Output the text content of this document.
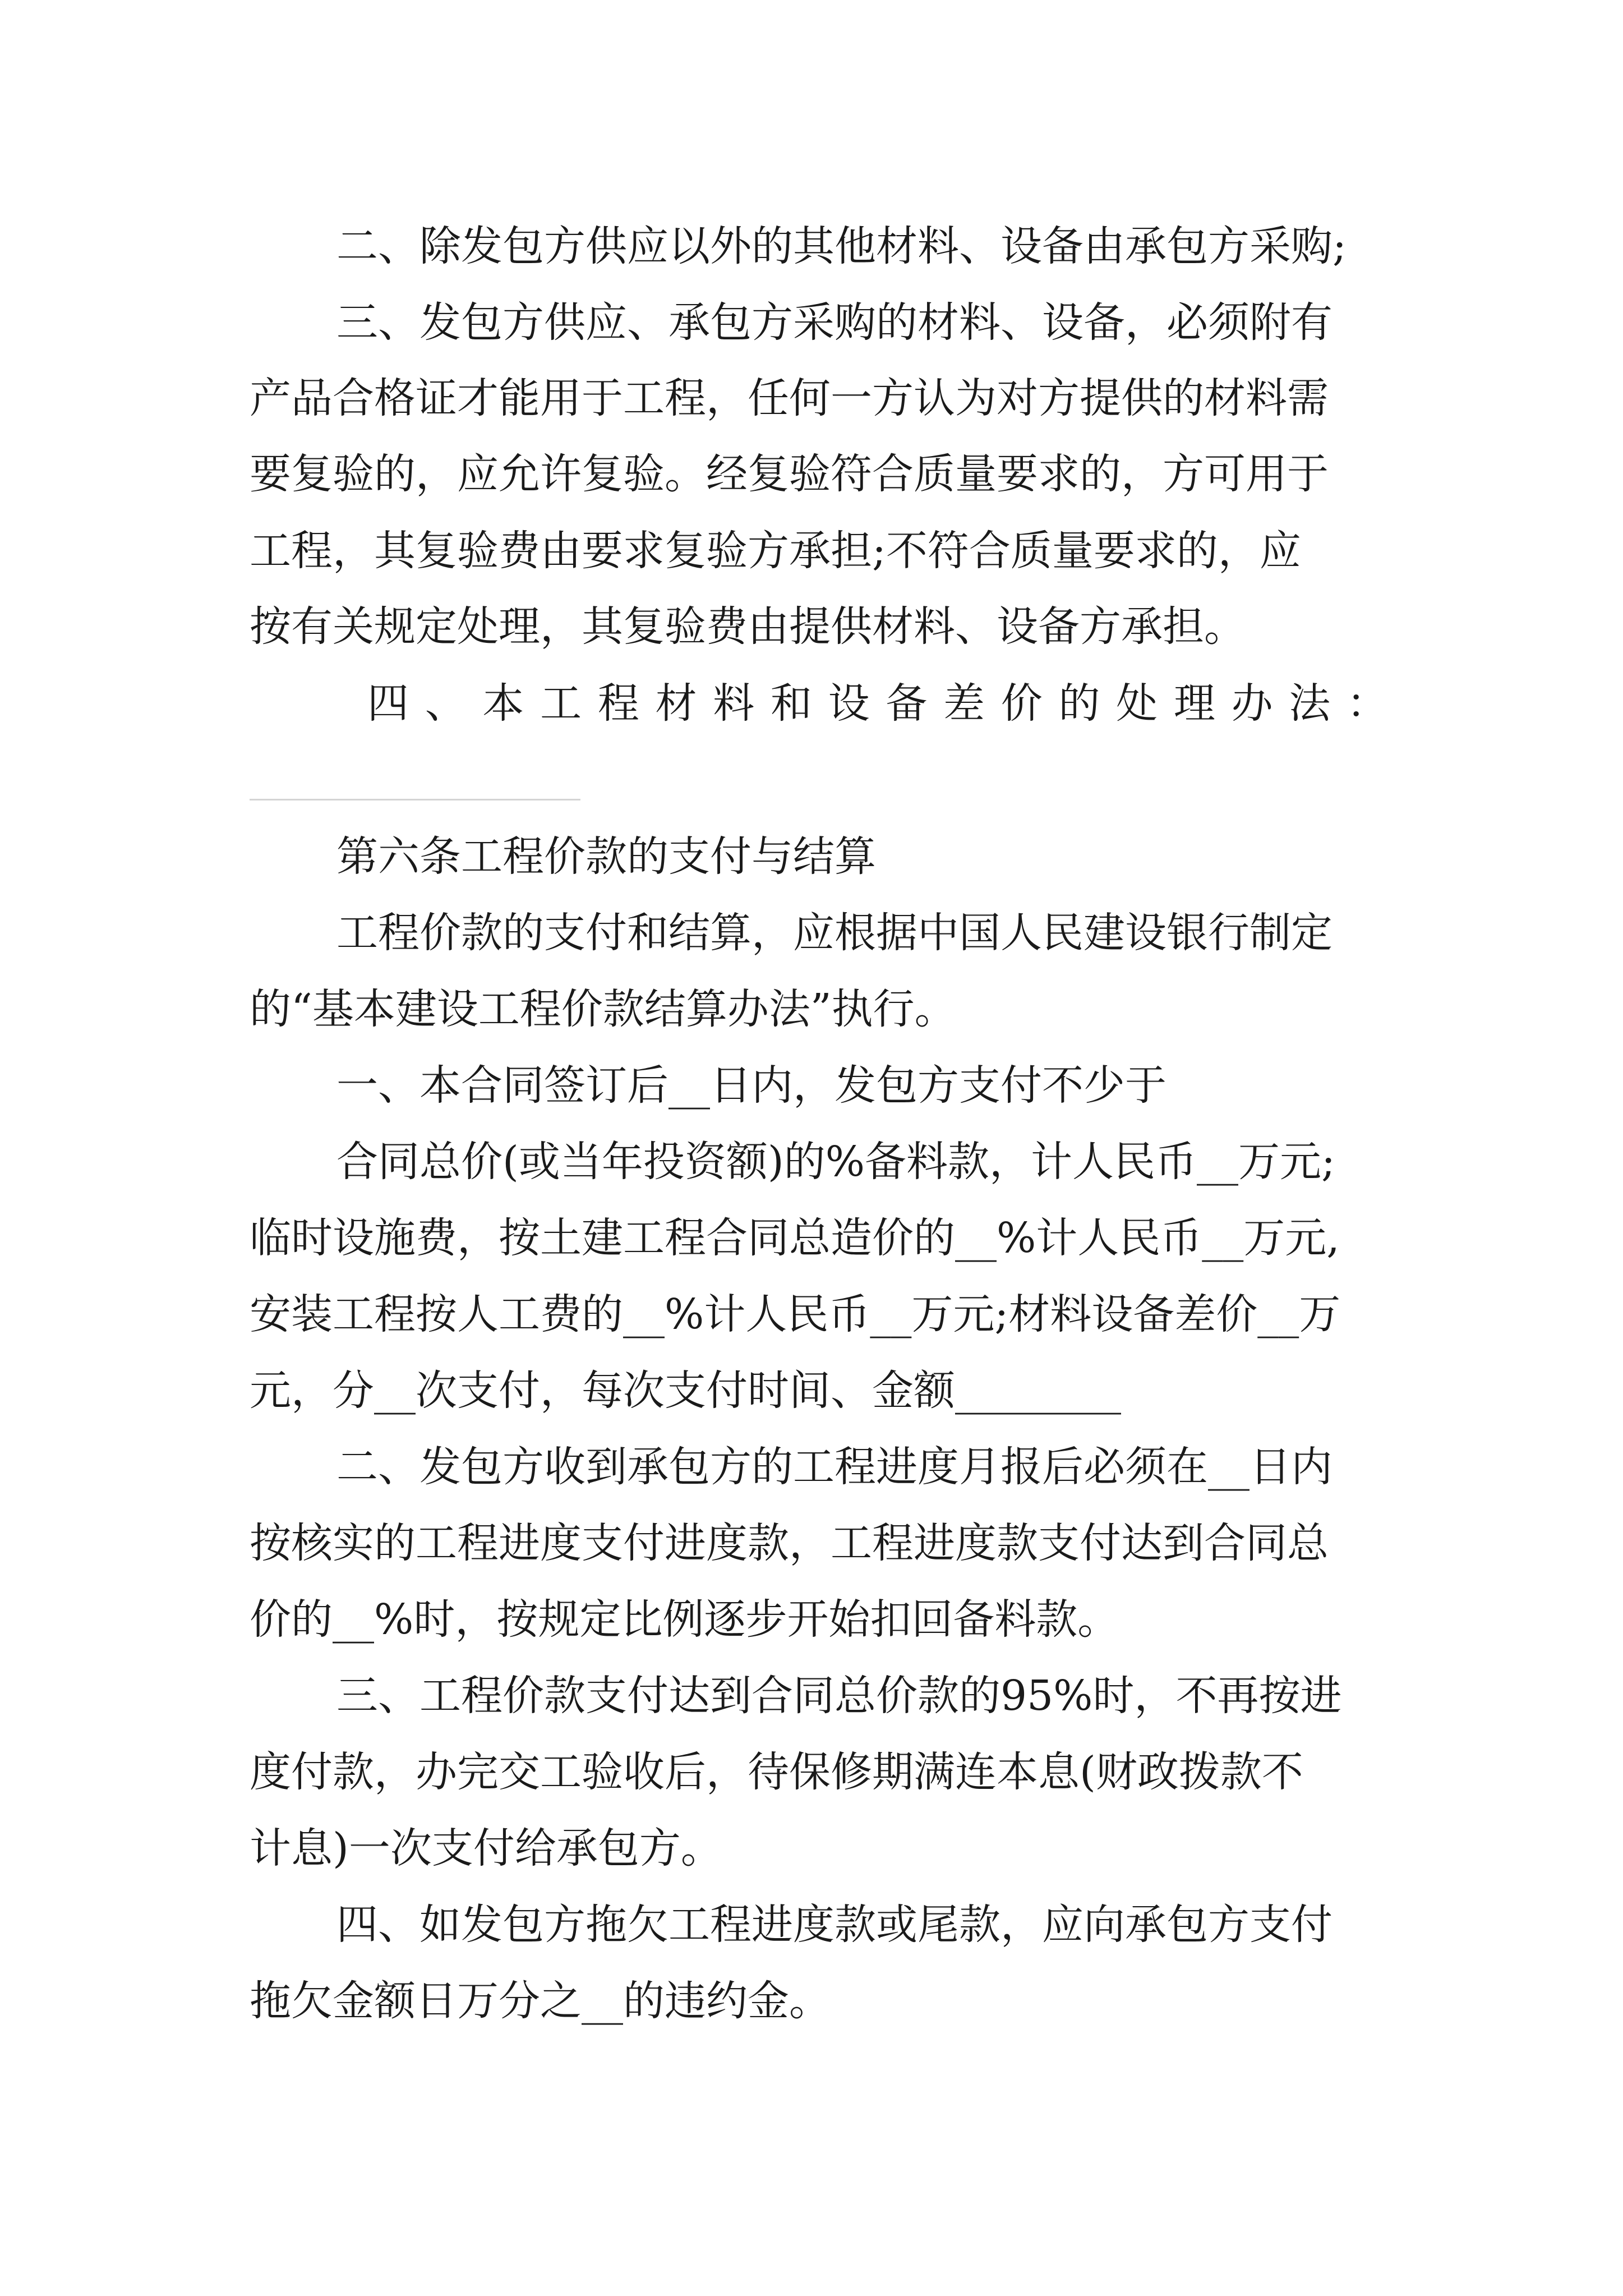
二、除发包方供应以外的其他材料、设备由承包方采购;
三、发包方供应、承包方采购的材料、设备，必须附有
产品合格证才能用于工程，任何一方认为对方提供的材料需
要复验的，应允许复验。经复验符合质量要求的，方可用于
工程，其复验费由要求复验方承担;不符合质量要求的，应
按有关规定处理，其复验费由提供材料、设备方承担。
四、本工程材料和设备差价的处理办法：
第六条工程价款的支付与结算
工程价款的支付和结算，应根据中国人民建设银行制定
的“基本建设工程价款结算办法”执行。
一、本合同签订后__日内，发包方支付不少于
合同总价(或当年投资额)的%备料款，计人民币__万元;
临时设施费，按土建工程合同总造价的__%计人民币__万元,
安装工程按人工费的__%计人民币__万元;材料设备差价__万
元，分__次支付，每次支付时间、金额________
二、发包方收到承包方的工程进度月报后必须在__日内
按核实的工程进度支付进度款，工程进度款支付达到合同总
价的__%时，按规定比例逐步开始扣回备料款。
三、工程价款支付达到合同总价款的95%时，不再按进
度付款，办完交工验收后，待保修期满连本息(财政拨款不
计息)一次支付给承包方。
四、如发包方拖欠工程进度款或尾款，应向承包方支付
拖欠金额日万分之__的违约金。
